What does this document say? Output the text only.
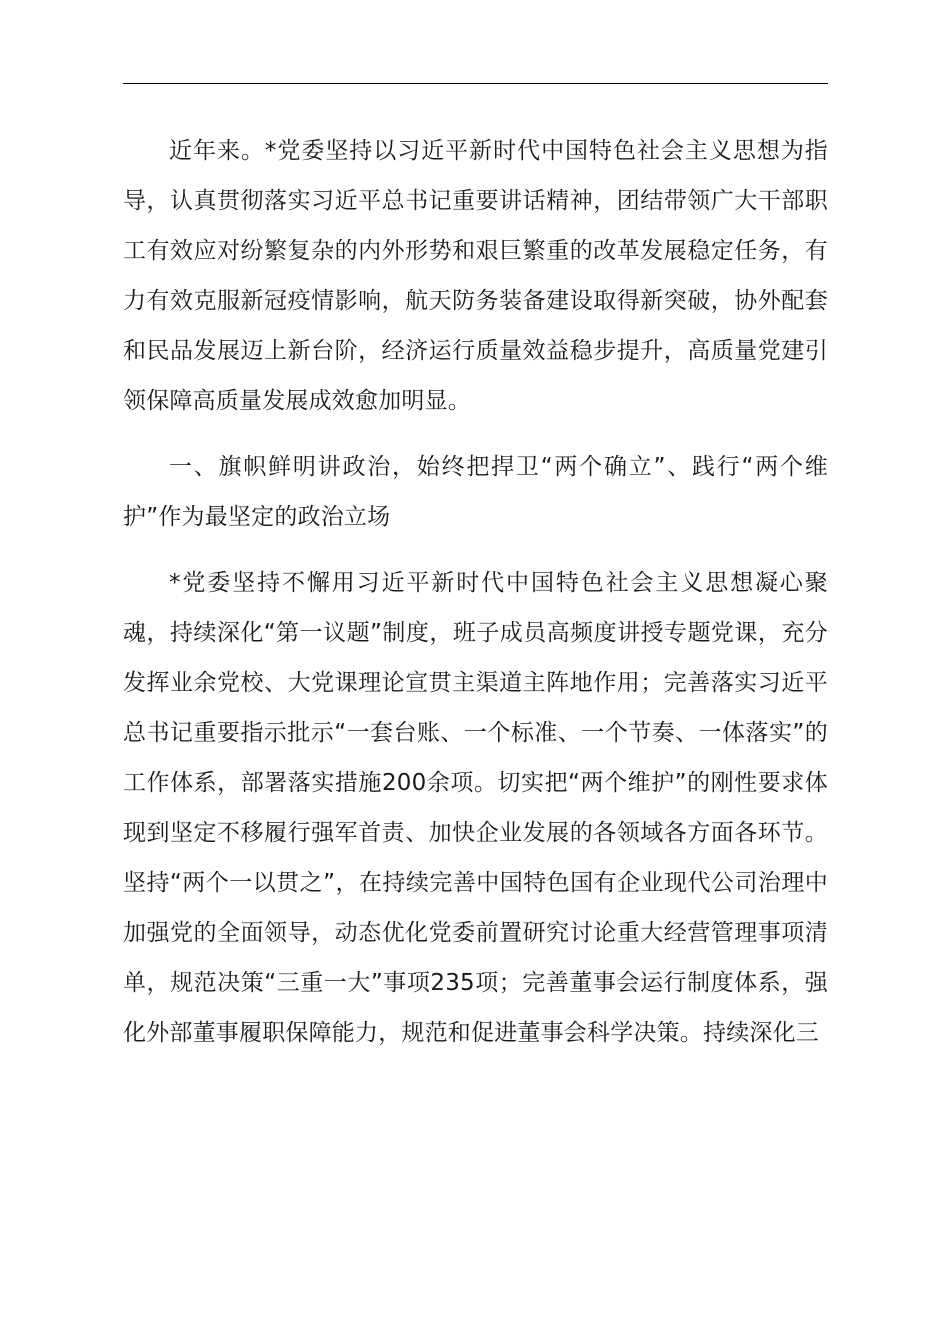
近年来。*党委坚持以习近平新时代中国特色社会主义思想为指导，认真贯彻落实习近平总书记重要讲话精神，团结带领广大干部职工有效应对纷繁复杂的内外形势和艰巨繁重的改革发展稳定任务，有力有效克服新冠疫情影响，航天防务装备建设取得新突破，协外配套和民品发展迈上新台阶，经济运行质量效益稳步提升，高质量党建引领保障高质量发展成效愈加明显。

一、旗帜鲜明讲政治，始终把捍卫“两个确立”、践行“两个维护”作为最坚定的政治立场

*党委坚持不懈用习近平新时代中国特色社会主义思想凝心聚魂，持续深化“第一议题”制度，班子成员高频度讲授专题党课，充分发挥业余党校、大党课理论宣贯主渠道主阵地作用；完善落实习近平总书记重要指示批示“一套台账、一个标准、一个节奏、一体落实”的工作体系，部署落实措施200余项。切实把“两个维护”的刚性要求体现到坚定不移履行强军首责、加快企业发展的各领域各方面各环节。坚持“两个一以贯之”，在持续完善中国特色国有企业现代公司治理中加强党的全面领导，动态优化党委前置研究讨论重大经营管理事项清单，规范决策“三重一大”事项235项；完善董事会运行制度体系，强化外部董事履职保障能力，规范和促进董事会科学决策。持续深化三
